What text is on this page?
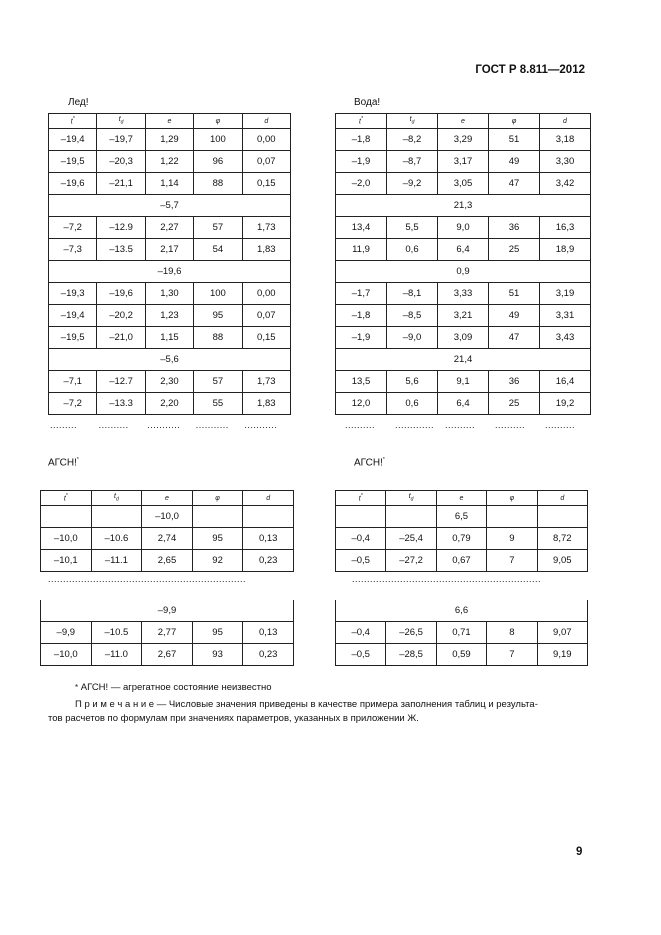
ГОСТ Р 8.811—2012
Лед!
t*	$t_d$	e	φ	d
–19,4	–19,7	1,29	100	0,00
–19,5	–20,3	1,22	96	0,07
–19,6	–21,1	1,14	88	0,15
–5,7				
–7,2	–12.9	2,27	57	1,73
–7,3	–13.5	2,17	54	1,83
–19,6				
–19,3	–19,6	1,30	100	0,00
–19,4	–20,2	1,23	95	0,07
–19,5	–21,0	1,15	88	0,15
–5,6				
–7,1	–12.7	2,30	57	1,73
–7,2	–13.3	2,20	55	1,83
......... .......... ........... ........... ...........
Вода!
t*	$t_d$	e	φ	d
–1,8	–8,2	3,29	51	3,18
–1,9	–8,7	3,17	49	3,30
–2,0	–9,2	3,05	47	3,42
21,3				
13,4	5,5	9,0	36	16,3
11,9	0,6	6,4	25	18,9
0,9				
–1,7	–8,1	3,33	51	3,19
–1,8	–8,5	3,21	49	3,31
–1,9	–9,0	3,09	47	3,43
21,4				
13,5	5,6	9,1	36	16,4
12,0	0,6	6,4	25	19,2
.......... ............. .......... .......... ..........
АГСН!*
t*	$t_d$	e	φ	d
		–10,0		
–10,0	–10.6	2,74	95	0,13
–10,1	–11.1	2,65	92	0,23
..................................................................
–9,9				
–9,9	–10.5	2,77	95	0,13
–10,0	–11.0	2,67	93	0,23
...................................................................
АГСН!*
t*	$t_d$	e	φ	d
		6,5		
–0,4	–25,4	0,79	9	8,72
–0,5	–27,2	0,67	7	9,05
...............................................................
6,6				
–0,4	–26,5	0,71	8	9,07
–0,5	–28,5	0,59	7	9,19
...................................................................
* АГСН! — агрегатное состояние неизвестно
П р и м е ч а н и е — Числовые значения приведены в качестве примера заполнения таблиц и результа-
тов расчетов по формулам при значениях параметров, указанных в приложении Ж.
9
